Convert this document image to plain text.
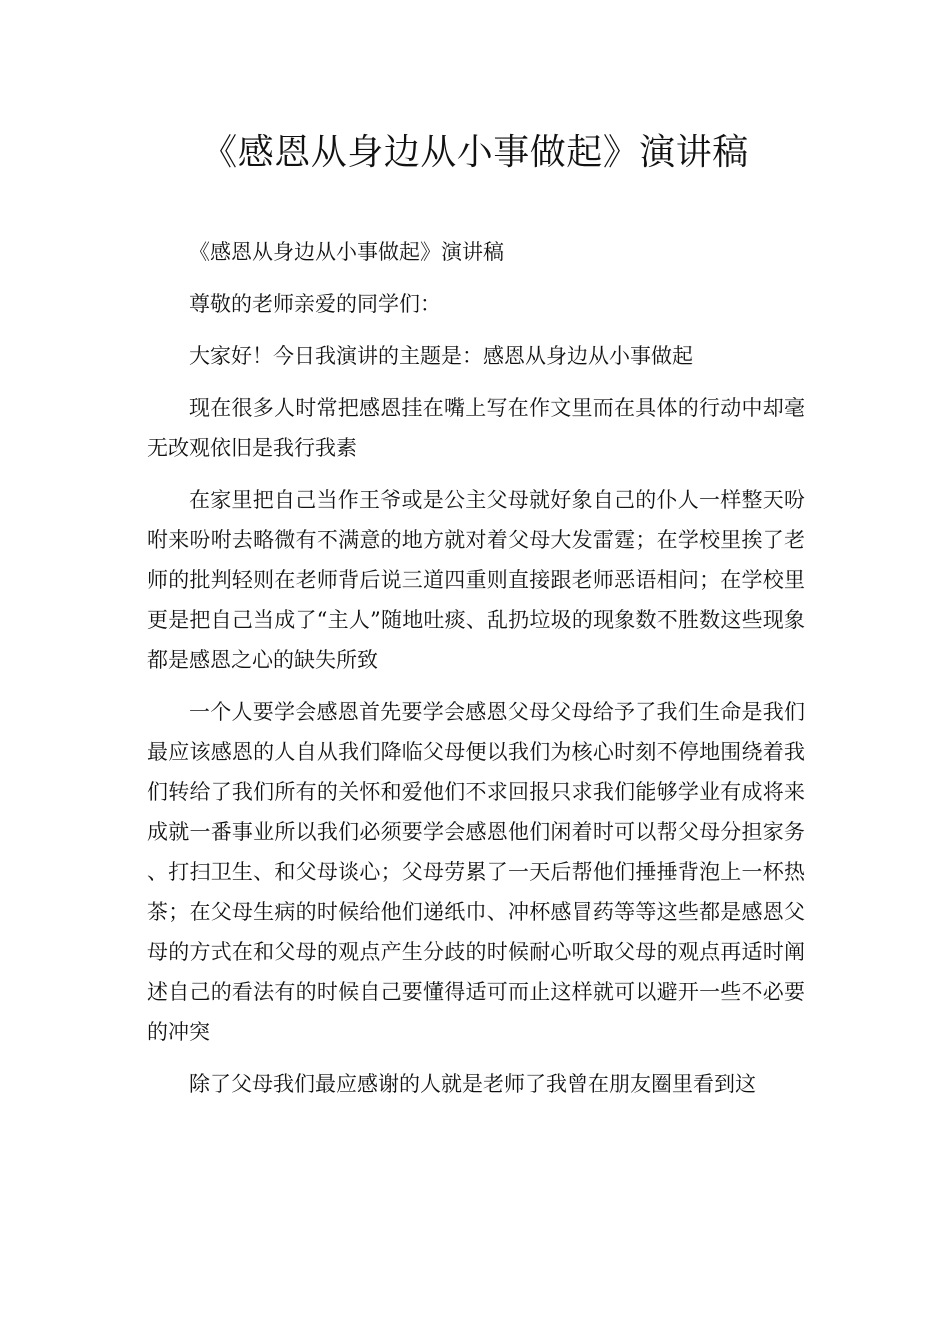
《感恩从身边从小事做起》演讲稿

《感恩从身边从小事做起》演讲稿

尊敬的老师亲爱的同学们：

大家好！今日我演讲的主题是：感恩从身边从小事做起

现在很多人时常把感恩挂在嘴上写在作文里而在具体的行动中却毫无改观依旧是我行我素

在家里把自己当作王爷或是公主父母就好象自己的仆人一样整天吩咐来吩咐去略微有不满意的地方就对着父母大发雷霆；在学校里挨了老师的批判轻则在老师背后说三道四重则直接跟老师恶语相问；在学校里更是把自己当成了“主人”随地吐痰、乱扔垃圾的现象数不胜数这些现象都是感恩之心的缺失所致

一个人要学会感恩首先要学会感恩父母父母给予了我们生命是我们最应该感恩的人自从我们降临父母便以我们为核心时刻不停地围绕着我们转给了我们所有的关怀和爱他们不求回报只求我们能够学业有成将来成就一番事业所以我们必须要学会感恩他们闲着时可以帮父母分担家务、打扫卫生、和父母谈心；父母劳累了一天后帮他们捶捶背泡上一杯热茶；在父母生病的时候给他们递纸巾、冲杯感冒药等等这些都是感恩父母的方式在和父母的观点产生分歧的时候耐心听取父母的观点再适时阐述自己的看法有的时候自己要懂得适可而止这样就可以避开一些不必要的冲突

除了父母我们最应感谢的人就是老师了我曾在朋友圈里看到这
